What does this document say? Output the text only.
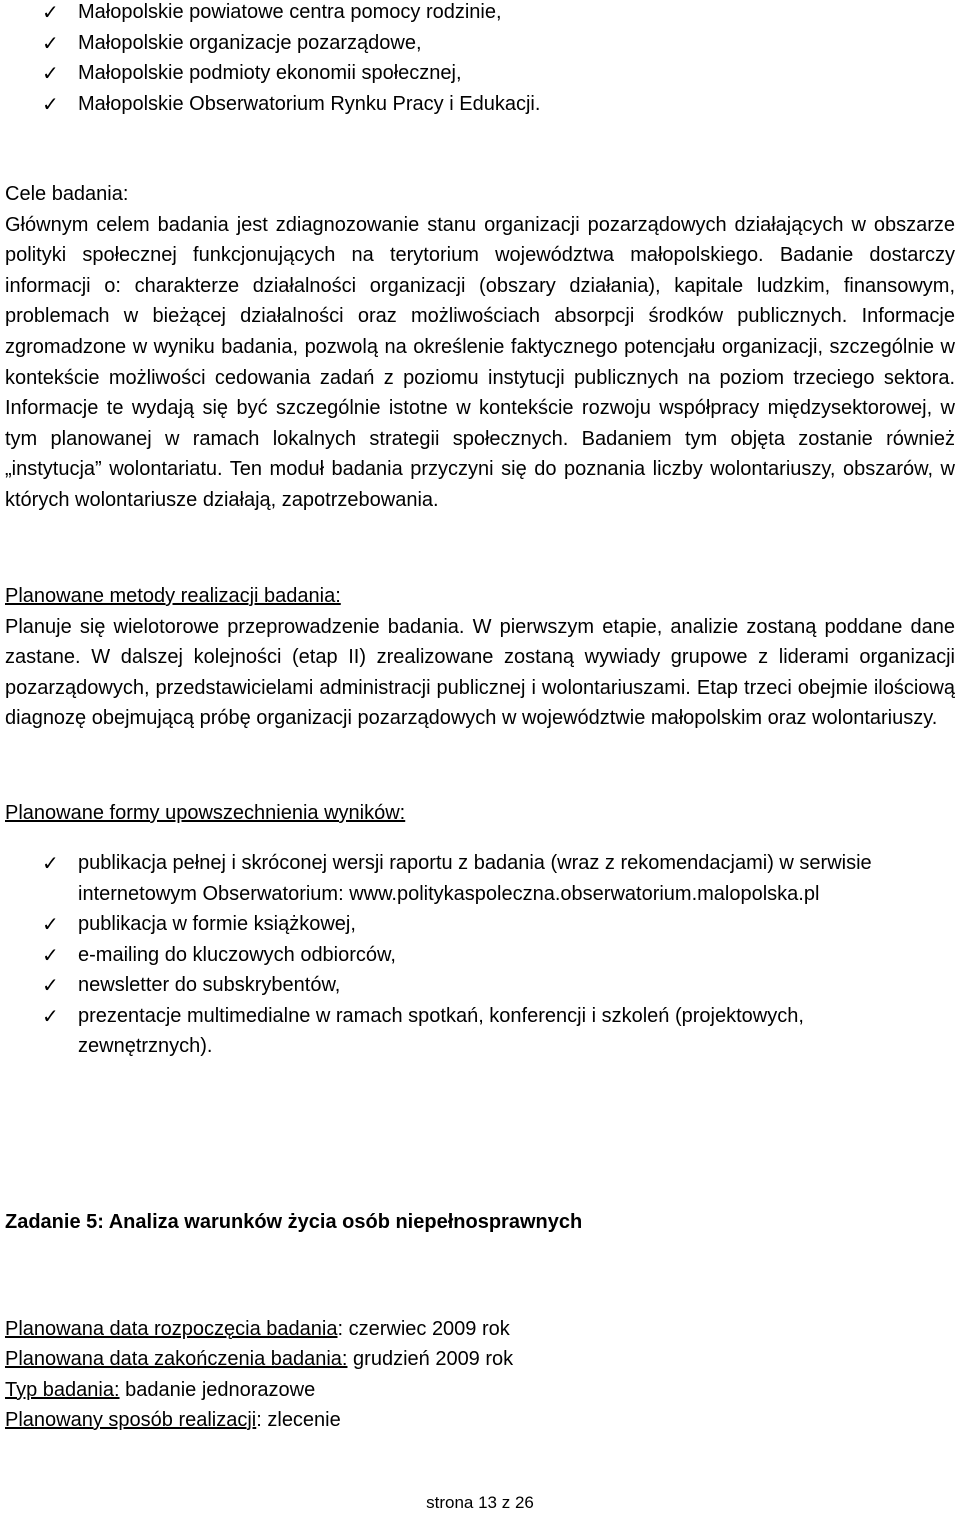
✓ Małopolskie powiatowe centra pomocy rodzinie,
✓ Małopolskie organizacje pozarządowe,
✓ Małopolskie podmioty ekonomii społecznej,
✓ Małopolskie Obserwatorium Rynku Pracy i Edukacji.

Cele badania:

Głównym celem badania jest zdiagnozowanie stanu organizacji pozarządowych działających w obszarze polityki społecznej funkcjonujących na terytorium województwa małopolskiego. Badanie dostarczy informacji o: charakterze działalności organizacji (obszary działania), kapitale ludzkim, finansowym, problemach w bieżącej działalności oraz możliwościach absorpcji środków publicznych. Informacje zgromadzone w wyniku badania, pozwolą na określenie faktycznego potencjału organizacji, szczególnie w kontekście możliwości cedowania zadań z poziomu instytucji publicznych na poziom trzeciego sektora. Informacje te wydają się być szczególnie istotne w kontekście rozwoju współpracy międzysektorowej, w tym planowanej w ramach lokalnych strategii społecznych. Badaniem tym objęta zostanie również „instytucja” wolontariatu. Ten moduł badania przyczyni się do poznania liczby wolontariuszy, obszarów, w których wolontariusze działają, zapotrzebowania.

Planowane metody realizacji badania:

Planuje się wielotorowe przeprowadzenie badania. W pierwszym etapie, analizie zostaną poddane dane zastane. W dalszej kolejności (etap II) zrealizowane zostaną wywiady grupowe z liderami organizacji pozarządowych, przedstawicielami administracji publicznej i wolontariuszami. Etap trzeci obejmie ilościową diagnozę obejmującą próbę organizacji pozarządowych w województwie małopolskim oraz wolontariuszy.

Planowane formy upowszechnienia wyników:

✓ publikacja pełnej i skróconej wersji raportu z badania (wraz z rekomendacjami) w serwisie internetowym Obserwatorium: www.politykaspoleczna.obserwatorium.malopolska.pl
✓ publikacja w formie książkowej,
✓ e-mailing do kluczowych odbiorców,
✓ newsletter do subskrybentów,
✓ prezentacje multimedialne w ramach spotkań, konferencji i szkoleń (projektowych, zewnętrznych).

Zadanie 5: Analiza warunków życia osób niepełnosprawnych

Planowana data rozpoczęcia badania: czerwiec 2009 rok
Planowana data zakończenia badania: grudzień 2009 rok
Typ badania: badanie jednorazowe
Planowany sposób realizacji: zlecenie
strona 13 z 26
